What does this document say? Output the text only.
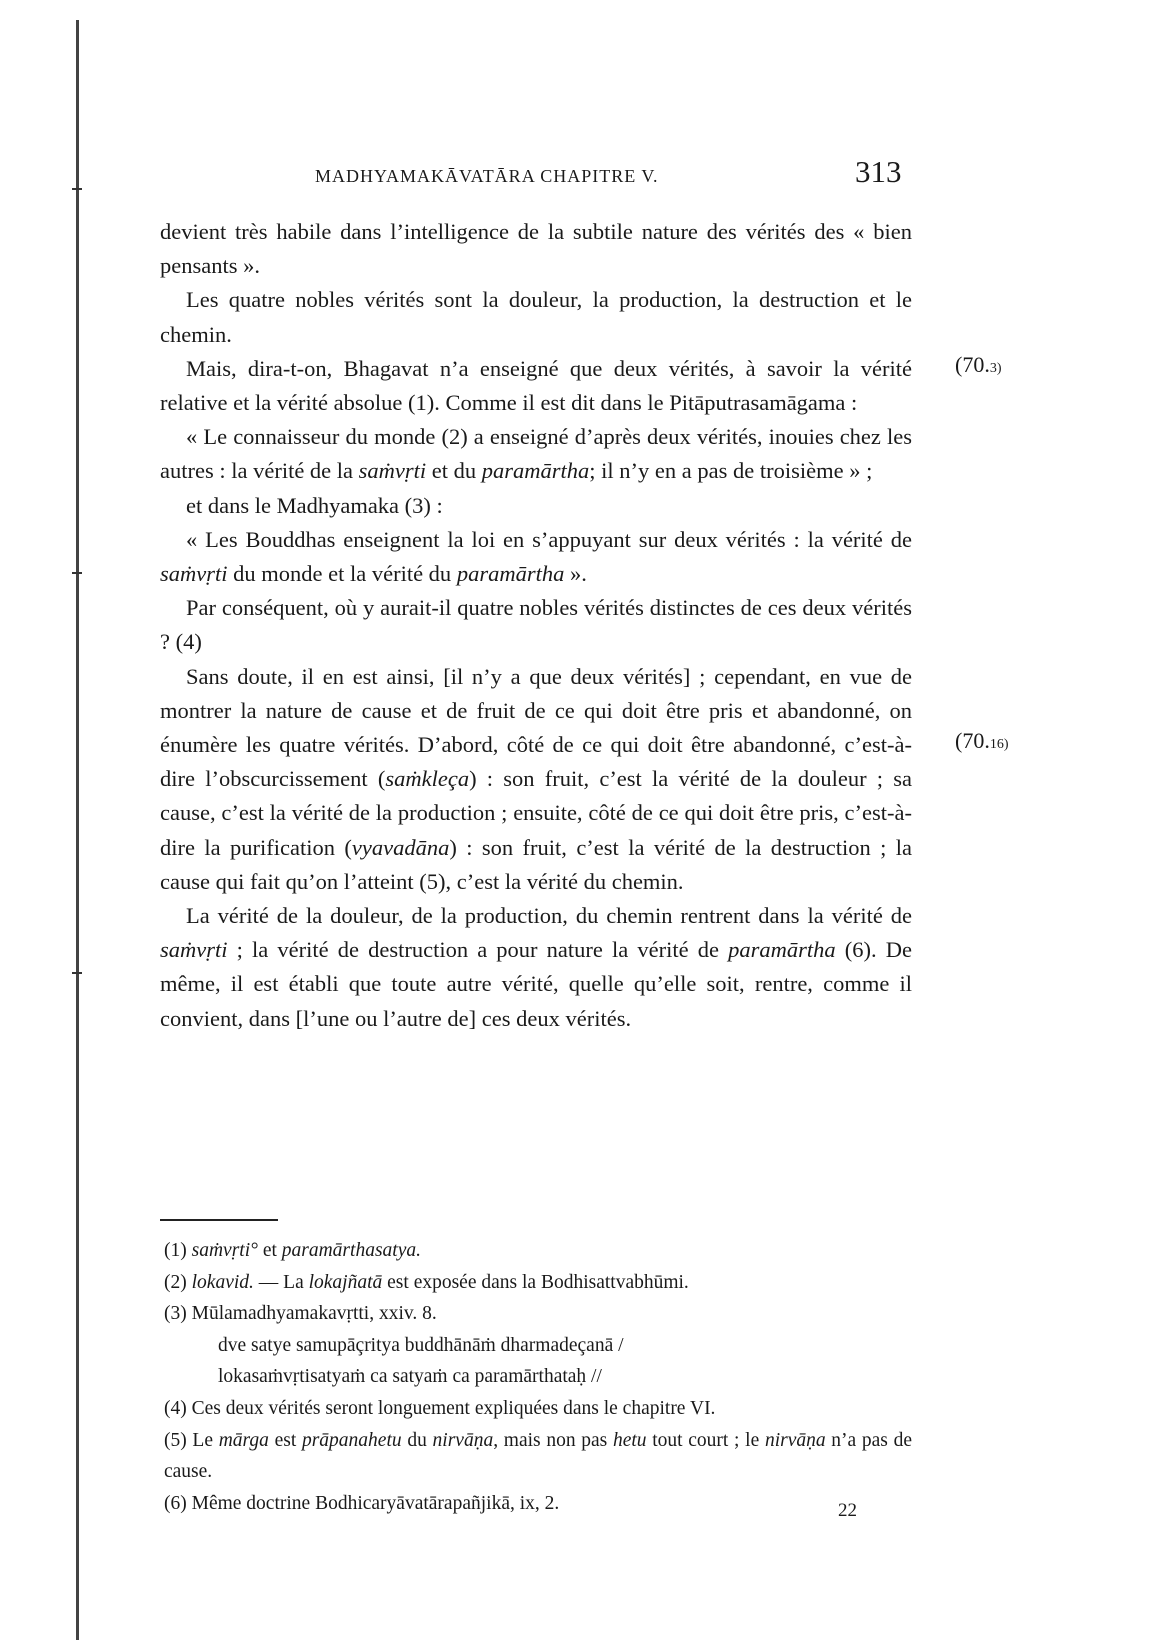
MADHYAMAKĀVATĀRA CHAPITRE V.	313
(70.3)
(70.16)

devient très habile dans l’intelligence de la subtile nature des vérités des « bien pensants ».

Les quatre nobles vérités sont la douleur, la production, la destruction et le chemin.

Mais, dira-t-on, Bhagavat n’a enseigné que deux vérités, à savoir la vérité relative et la vérité absolue (1). Comme il est dit dans le Pitāputrasamāgama :

« Le connaisseur du monde (2) a enseigné d’après deux vérités, inouies chez les autres : la vérité de la saṁvṛti et du paramārtha; il n’y en a pas de troisième » ;

et dans le Madhyamaka (3) :

« Les Bouddhas enseignent la loi en s’appuyant sur deux vérités : la vérité de saṁvṛti du monde et la vérité du paramārtha ».

Par conséquent, où y aurait-il quatre nobles vérités distinctes de ces deux vérités ? (4)

Sans doute, il en est ainsi, [il n’y a que deux vérités] ; cependant, en vue de montrer la nature de cause et de fruit de ce qui doit être pris et abandonné, on énumère les quatre vérités. D’abord, côté de ce qui doit être abandonné, c’est-à-dire l’obscurcissement (saṁkleça) : son fruit, c’est la vérité de la douleur ; sa cause, c’est la vérité de la production ; ensuite, côté de ce qui doit être pris, c’est-à-dire la purification (vyavadāna) : son fruit, c’est la vérité de la destruction ; la cause qui fait qu’on l’atteint (5), c’est la vérité du chemin.

La vérité de la douleur, de la production, du chemin rentrent dans la vérité de saṁvṛti ; la vérité de destruction a pour nature la vérité de paramārtha (6). De même, il est établi que toute autre vérité, quelle qu’elle soit, rentre, comme il convient, dans [l’une ou l’autre de] ces deux vérités.

(1) saṁvṛti° et paramārthasatya.

(2) lokavid. — La lokajñatā est exposée dans la Bodhisattvabhūmi.

(3) Mūlamadhyamakavṛtti, xxiv. 8.

dve satye samupāçritya buddhānāṁ dharmadeçanā /

lokasaṁvṛtisatyaṁ ca satyaṁ ca paramārthataḥ //

(4) Ces deux vérités seront longuement expliquées dans le chapitre VI.

(5) Le mārga est prāpanahetu du nirvāṇa, mais non pas hetu tout court ; le nirvāṇa n’a pas de cause.

(6) Même doctrine Bodhicaryāvatārapañjikā, ix, 2.	22
